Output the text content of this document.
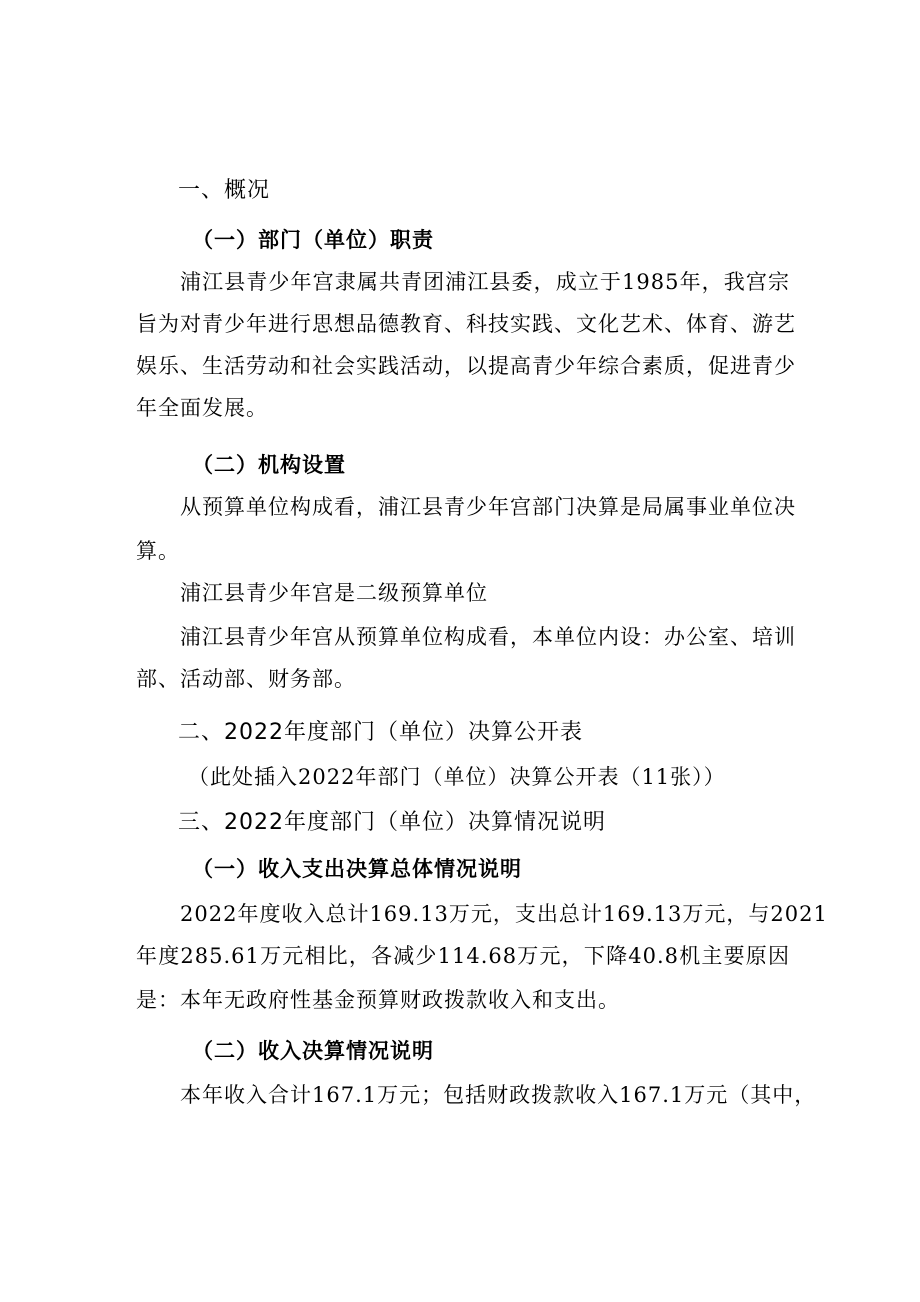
一、概况
（一）部门（单位）职责
浦江县青少年宫隶属共青团浦江县委，成立于1985年，我宫宗
旨为对青少年进行思想品德教育、科技实践、文化艺术、体育、游艺
娱乐、生活劳动和社会实践活动，以提高青少年综合素质，促进青少
年全面发展。
（二）机构设置
从预算单位构成看，浦江县青少年宫部门决算是局属事业单位决
算。
浦江县青少年宫是二级预算单位
浦江县青少年宫从预算单位构成看，本单位内设：办公室、培训
部、活动部、财务部。
二、2022年度部门（单位）决算公开表
（此处插入2022年部门（单位）决算公开表（11张））
三、2022年度部门（单位）决算情况说明
（一）收入支出决算总体情况说明
2022年度收入总计169.13万元，支出总计169.13万元，与2021
年度285.61万元相比，各减少114.68万元，下降40.8机主要原因
是：本年无政府性基金预算财政拨款收入和支出。
（二）收入决算情况说明
本年收入合计167.1万元；包括财政拨款收入167.1万元（其中，
